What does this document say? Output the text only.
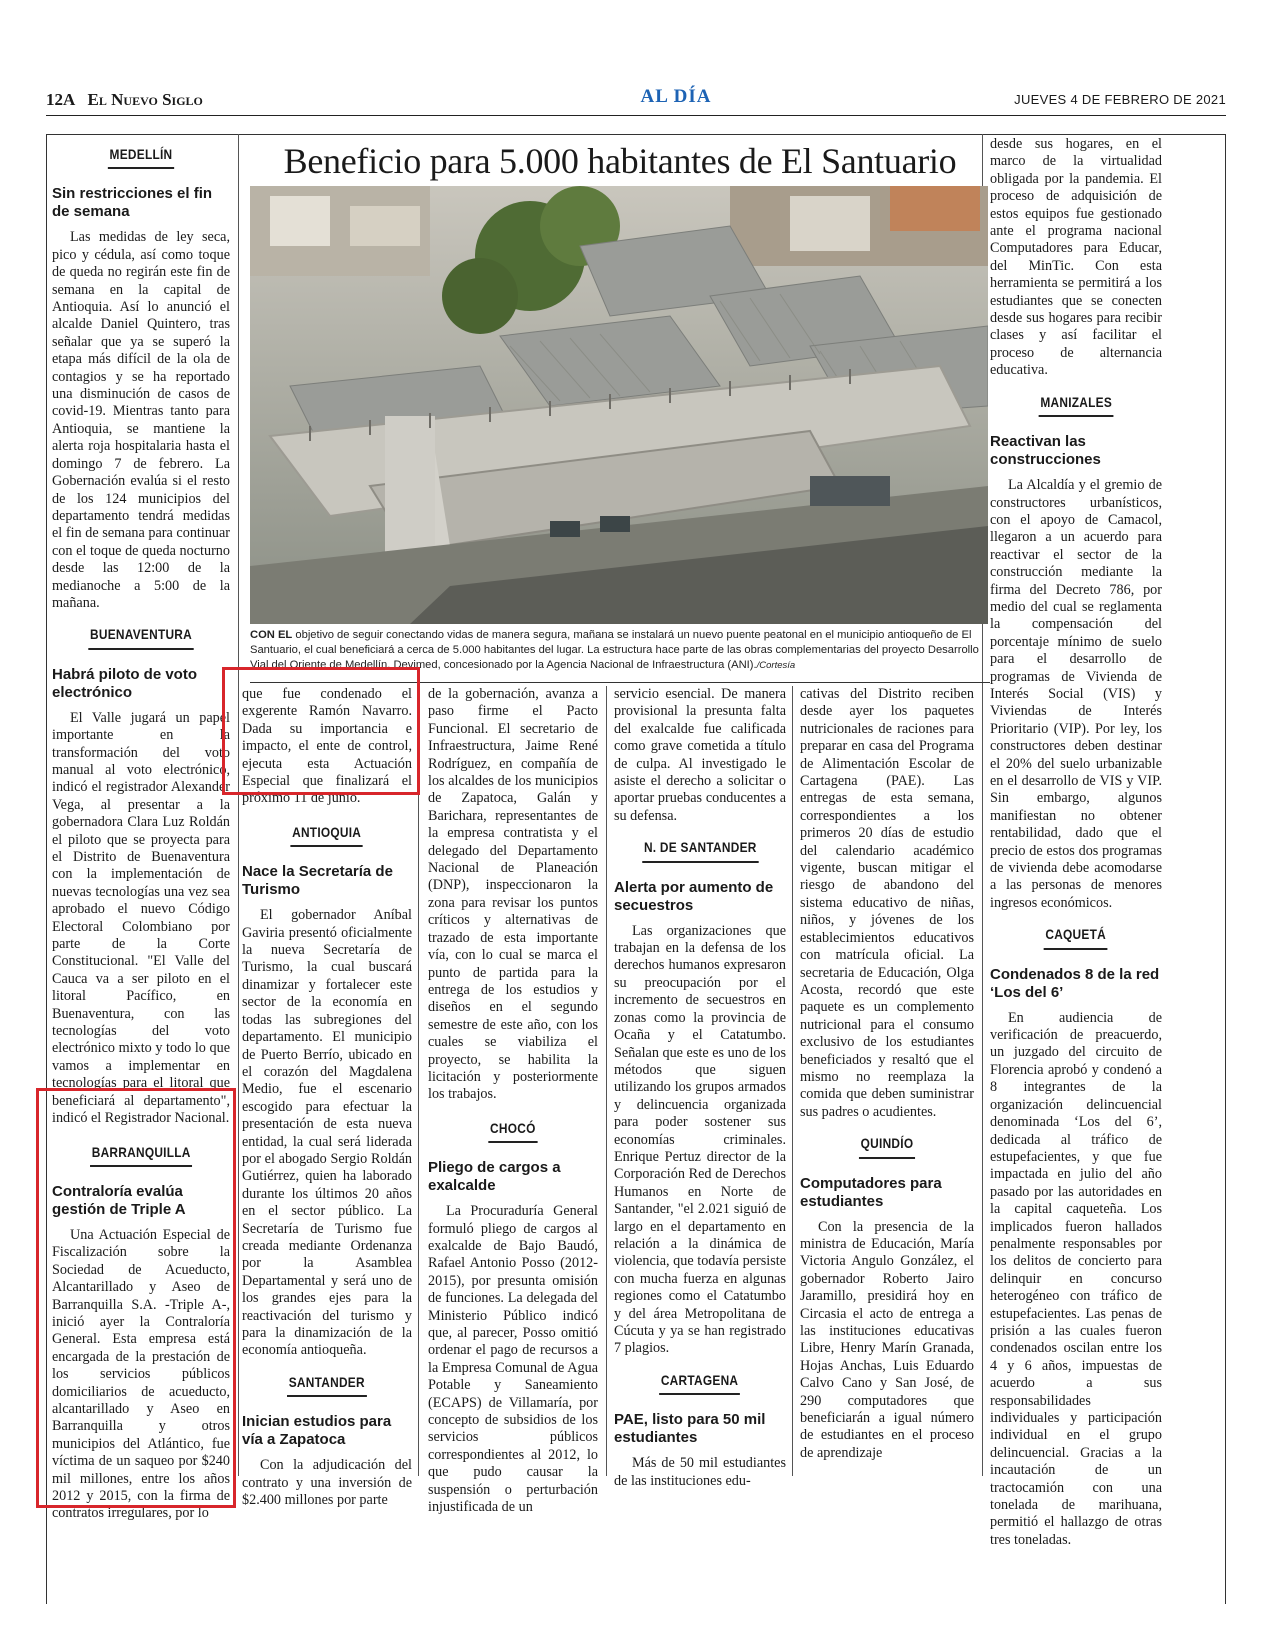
12A El Nuevo Siglo	AL DÍA	JUEVES 4 DE FEBRERO DE 2021
MEDELLÍN
Sin restricciones el fin de semana

Las medidas de ley seca, pico y cédula, así como toque de queda no regirán este fin de semana en la capital de Antioquia. Así lo anunció el alcalde Daniel Quintero, tras señalar que ya se superó la etapa más difícil de la ola de contagios y se ha reportado una disminución de casos de covid-19. Mientras tanto para Antioquia, se mantiene la alerta roja hospitalaria hasta el domingo 7 de febrero. La Gobernación evalúa si el resto de los 124 municipios del departamento tendrá medidas el fin de semana para continuar con el toque de queda nocturno desde las 12:00 de la medianoche a 5:00 de la mañana.

BUENAVENTURA
Habrá piloto de voto electrónico

El Valle jugará un papel importante en la transformación del voto manual al voto electrónico, indicó el registrador Alexander Vega, al presentar a la gobernadora Clara Luz Roldán el piloto que se proyecta para el Distrito de Buenaventura con la implementación de nuevas tecnologías una vez sea aprobado el nuevo Código Electoral Colombiano por parte de la Corte Constitucional. "El Valle del Cauca va a ser piloto en el litoral Pacífico, en Buenaventura, con las tecnologías del voto electrónico mixto y todo lo que vamos a implementar en tecnologías para el litoral que beneficiará al departamento", indicó el Registrador Nacional.

BARRANQUILLA
Contraloría evalúa gestión de Triple A

Una Actuación Especial de Fiscalización sobre la Sociedad de Acueducto, Alcantarillado y Aseo de Barranquilla S.A. -Triple A-, inició ayer la Contraloría General. Esta empresa está encargada de la prestación de los servicios públicos domiciliarios de acueducto, alcantarillado y Aseo en Barranquilla y otros municipios del Atlántico, fue víctima de un saqueo por $240 mil millones, entre los años 2012 y 2015, con la firma de contratos irregulares, por lo

Beneficio para 5.000 habitantes de El Santuario
CON EL objetivo de seguir conectando vidas de manera segura, mañana se instalará un nuevo puente peatonal en el municipio antioqueño de El Santuario, el cual beneficiará a cerca de 5.000 habitantes del lugar. La estructura hace parte de las obras complementarias del proyecto Desarrollo Vial del Oriente de Medellín, Devimed, concesionado por la Agencia Nacional de Infraestructura (ANI)./Cortesía

que fue condenado el exgerente Ramón Navarro. Dada su importancia e impacto, el ente de control, ejecuta esta Actuación Especial que finalizará el próximo 11 de junio.

ANTIOQUIA
Nace la Secretaría de Turismo

El gobernador Aníbal Gaviria presentó oficialmente la nueva Secretaría de Turismo, la cual buscará dinamizar y fortalecer este sector de la economía en todas las subregiones del departamento. El municipio de Puerto Berrío, ubicado en el corazón del Magdalena Medio, fue el escenario escogido para efectuar la presentación de esta nueva entidad, la cual será liderada por el abogado Sergio Roldán Gutiérrez, quien ha laborado durante los últimos 20 años en el sector público. La Secretaría de Turismo fue creada mediante Ordenanza por la Asamblea Departamental y será uno de los grandes ejes para la reactivación del turismo y para la dinamización de la economía antioqueña.

SANTANDER
Inician estudios para vía a Zapatoca

Con la adjudicación del contrato y una inversión de $2.400 millones por parte

de la gobernación, avanza a paso firme el Pacto Funcional. El secretario de Infraestructura, Jaime René Rodríguez, en compañía de los alcaldes de los municipios de Zapatoca, Galán y Barichara, representantes de la empresa contratista y el delegado del Departamento Nacional de Planeación (DNP), inspeccionaron la zona para revisar los puntos críticos y alternativas de trazado de esta importante vía, con lo cual se marca el punto de partida para la entrega de los estudios y diseños en el segundo semestre de este año, con los cuales se viabiliza el proyecto, se habilita la licitación y posteriormente los trabajos.

CHOCÓ
Pliego de cargos a exalcalde

La Procuraduría General formuló pliego de cargos al exalcalde de Bajo Baudó, Rafael Antonio Posso (2012-2015), por presunta omisión de funciones. La delegada del Ministerio Público indicó que, al parecer, Posso omitió ordenar el pago de recursos a la Empresa Comunal de Agua Potable y Saneamiento (ECAPS) de Villamaría, por concepto de subsidios de los servicios públicos correspondientes al 2012, lo que pudo causar la suspensión o perturbación injustificada de un

servicio esencial. De manera provisional la presunta falta del exalcalde fue calificada como grave cometida a título de culpa. Al investigado le asiste el derecho a solicitar o aportar pruebas conducentes a su defensa.

N. DE SANTANDER
Alerta por aumento de secuestros

Las organizaciones que trabajan en la defensa de los derechos humanos expresaron su preocupación por el incremento de secuestros en zonas como la provincia de Ocaña y el Catatumbo. Señalan que este es uno de los métodos que siguen utilizando los grupos armados y delincuencia organizada para poder sostener sus economías criminales. Enrique Pertuz director de la Corporación Red de Derechos Humanos en Norte de Santander, "el 2.021 siguió de largo en el departamento en relación a la dinámica de violencia, que todavía persiste con mucha fuerza en algunas regiones como el Catatumbo y del área Metropolitana de Cúcuta y ya se han registrado 7 plagios.

CARTAGENA
PAE, listo para 50 mil estudiantes

Más de 50 mil estudiantes de las instituciones edu-

cativas del Distrito reciben desde ayer los paquetes nutricionales de raciones para preparar en casa del Programa de Alimentación Escolar de Cartagena (PAE). Las entregas de esta semana, correspondientes a los primeros 20 días de estudio del calendario académico vigente, buscan mitigar el riesgo de abandono del sistema educativo de niñas, niños, y jóvenes de los establecimientos educativos con matrícula oficial. La secretaria de Educación, Olga Acosta, recordó que este paquete es un complemento nutricional para el consumo exclusivo de los estudiantes beneficiados y resaltó que el mismo no reemplaza la comida que deben suministrar sus padres o acudientes.

QUINDÍO
Computadores para estudiantes

Con la presencia de la ministra de Educación, María Victoria Angulo González, el gobernador Roberto Jairo Jaramillo, presidirá hoy en Circasia el acto de entrega a las instituciones educativas Libre, Henry Marín Granada, Hojas Anchas, Luis Eduardo Calvo Cano y San José, de 290 computadores que beneficiarán a igual número de estudiantes en el proceso de aprendizaje

desde sus hogares, en el marco de la virtualidad obligada por la pandemia. El proceso de adquisición de estos equipos fue gestionado ante el programa nacional Computadores para Educar, del MinTic. Con esta herramienta se permitirá a los estudiantes que se conecten desde sus hogares para recibir clases y así facilitar el proceso de alternancia educativa.

MANIZALES
Reactivan las construcciones

La Alcaldía y el gremio de constructores urbanísticos, con el apoyo de Camacol, llegaron a un acuerdo para reactivar el sector de la construcción mediante la firma del Decreto 786, por medio del cual se reglamenta la compensación del porcentaje mínimo de suelo para el desarrollo de programas de Vivienda de Interés Social (VIS) y Viviendas de Interés Prioritario (VIP). Por ley, los constructores deben destinar el 20% del suelo urbanizable en el desarrollo de VIS y VIP. Sin embargo, algunos manifiestan no obtener rentabilidad, dado que el precio de estos dos programas de vivienda debe acomodarse a las personas de menores ingresos económicos.

CAQUETÁ
Condenados 8 de la red ‘Los del 6’

En audiencia de verificación de preacuerdo, un juzgado del circuito de Florencia aprobó y condenó a 8 integrantes de la organización delincuencial denominada ‘Los del 6’, dedicada al tráfico de estupefacientes, y que fue impactada en julio del año pasado por las autoridades en la capital caqueteña. Los implicados fueron hallados penalmente responsables por los delitos de concierto para delinquir en concurso heterogéneo con tráfico de estupefacientes. Las penas de prisión a las cuales fueron condenados oscilan entre los 4 y 6 años, impuestas de acuerdo a sus responsabilidades individuales y participación individual en el grupo delincuencial. Gracias a la incautación de un tractocamión con una tonelada de marihuana, permitió el hallazgo de otras tres toneladas.
